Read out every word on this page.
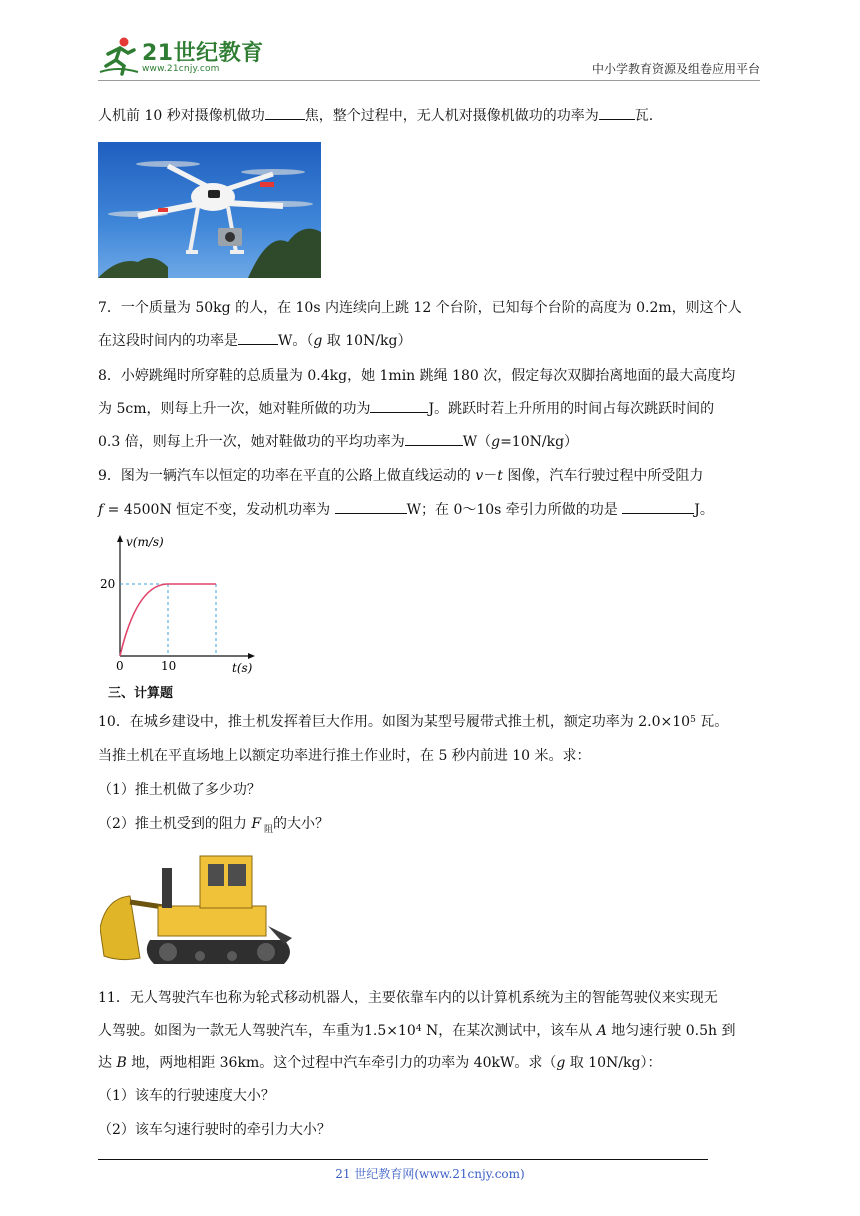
21世纪教育
www.21cnjy.com	中小学教育资源及组卷应用平台
人机前 10 秒对摄像机做功	焦，整个过程中，无人机对摄像机做功的功率为	瓦.
7．一个质量为 50kg 的人，在 10s 内连续向上跳 12 个台阶，已知每个台阶的高度为 0.2m，则这个人
在这段时间内的功率是	W。（g 取 10N/kg）
8．小婷跳绳时所穿鞋的总质量为 0.4kg，她 1min 跳绳 180 次，假定每次双脚抬离地面的最大高度均
为 5cm，则每上升一次，她对鞋所做的功为	J。跳跃时若上升所用的时间占每次跳跃时间的
0.3 倍，则每上升一次，她对鞋做功的平均功率为	W（g=10N/kg）
9．图为一辆汽车以恒定的功率在平直的公路上做直线运动的 v－t 图像，汽车行驶过程中所受阻力
f = 4500N 恒定不变，发动机功率为	W；在 0～10s 牵引力所做的功是	J。
v(m/s)
t(s)
20
0	10
三、计算题
10．在城乡建设中，推土机发挥着巨大作用。如图为某型号履带式推土机，额定功率为 $2.0\times 10^5$ 瓦。
当推土机在平直场地上以额定功率进行推土作业时，在 5 秒内前进 10 米。求：
（1）推土机做了多少功？
（2）推土机受到的阻力 F $_阻$的大小？
11．无人驾驶汽车也称为轮式移动机器人，主要依靠车内的以计算机系统为主的智能驾驶仪来实现无
人驾驶。如图为一款无人驾驶汽车，车重为$1.5\times 10^4$ N，在某次测试中，该车从 A 地匀速行驶 0.5h 到
达 B 地，两地相距 36km。这个过程中汽车牵引力的功率为 40kW。求（g 取 10N/kg）：
（1）该车的行驶速度大小？
（2）该车匀速行驶时的牵引力大小？
21 世纪教育网(www.21cnjy.com)
